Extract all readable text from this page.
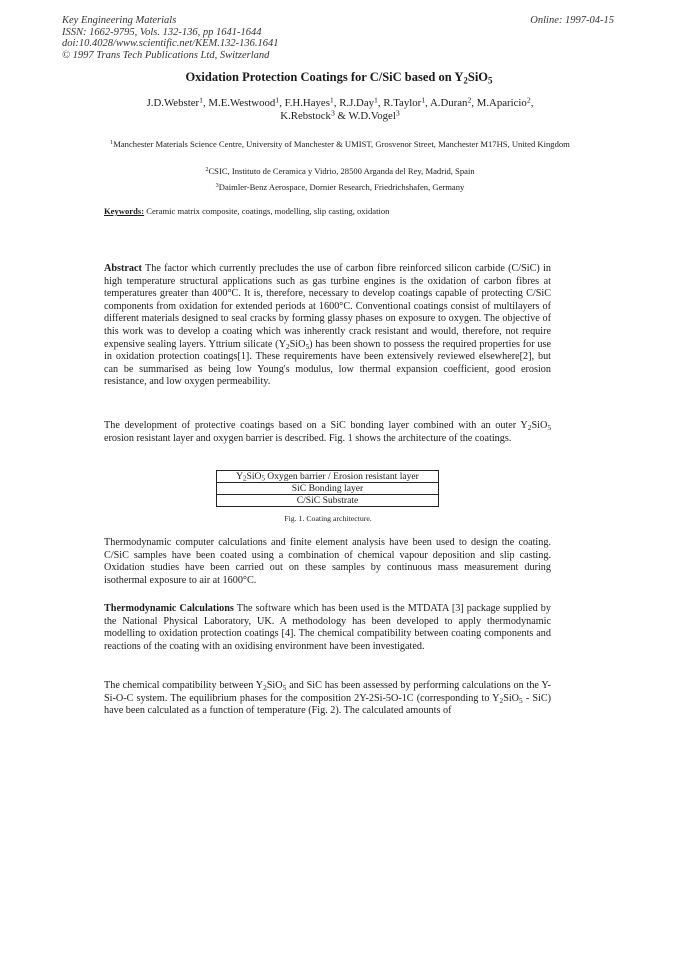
Key Engineering Materials
ISSN: 1662-9795, Vols. 132-136, pp 1641-1644
doi:10.4028/www.scientific.net/KEM.132-136.1641
© 1997 Trans Tech Publications Ltd, Switzerland
Online: 1997-04-15
Oxidation Protection Coatings for C/SiC based on $Y_2SiO_5$
J.D.Webster$^1$, M.E.Westwood$^1$, F.H.Hayes$^1$, R.J.Day$^1$, R.Taylor$^1$, A.Duran$^2$, M.Aparicio$^2$,
K.Rebstock$^3$ & W.D.Vogel$^3$
$^1$Manchester Materials Science Centre, University of Manchester & UMIST, Grosvenor Street, Manchester M17HS, United Kingdom
$^2$CSIC, Instituto de Ceramica y Vidrio, 28500 Arganda del Rey, Madrid, Spain
$^3$Daimler-Benz Aerospace, Dornier Research, Friedrichshafen, Germany
Keywords: Ceramic matrix composite, coatings, modelling, slip casting, oxidation

Abstract The factor which currently precludes the use of carbon fibre reinforced silicon carbide (C/SiC) in high temperature structural applications such as gas turbine engines is the oxidation of carbon fibres at temperatures greater than 400°C. It is, therefore, necessary to develop coatings capable of protecting C/SiC components from oxidation for extended periods at 1600°C. Conventional coatings consist of multilayers of different materials designed to seal cracks by forming glassy phases on exposure to oxygen. The objective of this work was to develop a coating which was inherently crack resistant and would, therefore, not require expensive sealing layers. Yttrium silicate $(Y_2SiO_5)$ has been shown to possess the required properties for use in oxidation protection coatings[1]. These requirements have been extensively reviewed elsewhere[2], but can be summarised as being low Young's modulus, low thermal expansion coefficient, good erosion resistance, and low oxygen permeability.

The development of protective coatings based on a SiC bonding layer combined with an outer $Y_2SiO_5$ erosion resistant layer and oxygen barrier is described. Fig. 1 shows the architecture of the coatings.

$Y_2SiO_5$ Oxygen barrier / Erosion resistant layer
SiC Bonding layer
C/SiC Substrate
Fig. 1. Coating architecture.

Thermodynamic computer calculations and finite element analysis have been used to design the coating. C/SiC samples have been coated using a combination of chemical vapour deposition and slip casting. Oxidation studies have been carried out on these samples by continuous mass measurement during isothermal exposure to air at 1600°C.

Thermodynamic Calculations The software which has been used is the MTDATA [3] package supplied by the National Physical Laboratory, UK. A methodology has been developed to apply thermodynamic modelling to oxidation protection coatings [4]. The chemical compatibility between coating components and reactions of the coating with an oxidising environment have been investigated.

The chemical compatibility between $Y_2SiO_5$ and SiC has been assessed by performing calculations on the Y-Si-O-C system. The equilibrium phases for the composition 2Y-2Si-5O-1C (corresponding to $Y_2SiO_5 - SiC$) have been calculated as a function of temperature (Fig. 2). The calculated amounts of
